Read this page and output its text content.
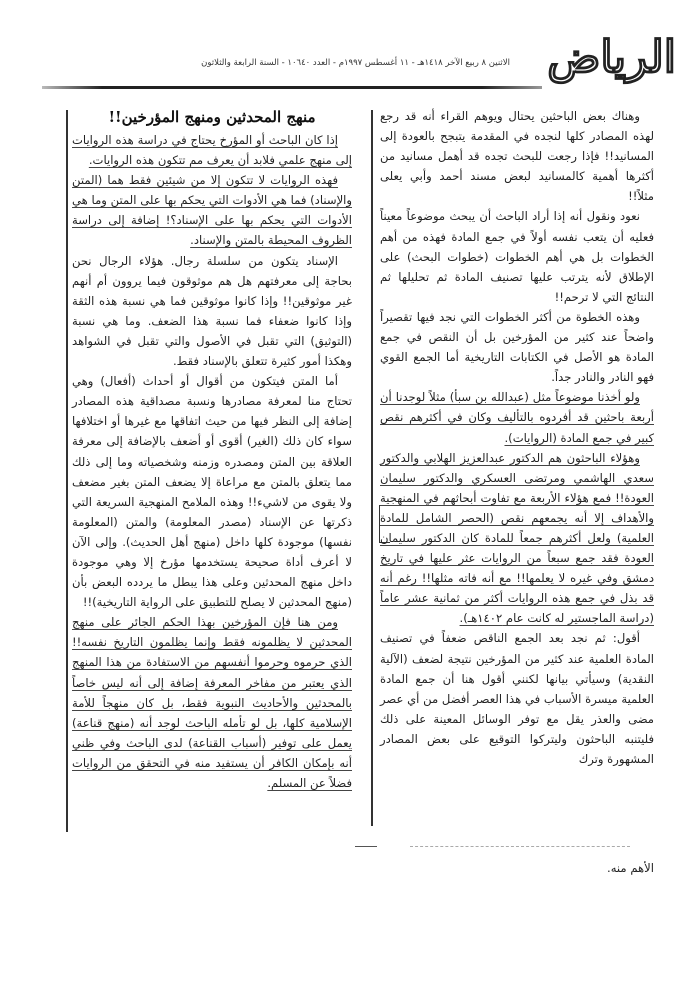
الرياض
الاثنين ٨ ربيع الآخر ١٤١٨هـ - ١١ أغسطس ١٩٩٧م - العدد ١٠٦٤٠ - السنة الرابعة والثلاثون

وهناك بعض الباحثين يحتال ويوهم القراء أنه قد رجع لهذه المصادر كلها لنجده في المقدمة يتبجح بالعودة إلى المسانيد!! فإذا رجعت للبحث تجده قد أهمل مسانيد من أكثرها أهمية كالمسانيد لبعض مسند أحمد وأبي يعلى مثلاً!!

نعود ونقول أنه إذا أراد الباحث أن يبحث موضوعاً معيناً فعليه أن يتعب نفسه أولاً في جمع المادة فهذه من أهم الخطوات بل هي أهم الخطوات (خطوات البحث) على الإطلاق لأنه يترتب عليها تصنيف المادة ثم تحليلها ثم النتائج التي لا ترحم!!

وهذه الخطوة من أكثر الخطوات التي نجد فيها تقصيراً واضحاً عند كثير من المؤرخين بل أن النقص في جمع المادة هو الأصل في الكتابات التاريخية أما الجمع القوي فهو النادر والنادر جداً.

ولو أخذنا موضوعاً مثل (عبدالله بن سبأ) مثلاً لوجدنا أن أربعة باحثين قد أفردوه بالتأليف وكان في أكثرهم نقص كبير في جمع المادة (الروايات).

وهؤلاء الباحثون هم الدكتور عبدالعزيز الهلابي والدكتور سعدي الهاشمي ومرتضى العسكري والدكتور سليمان العودة!! فمع هؤلاء الأربعة مع تفاوت أبحاثهم في المنهجية والأهداف إلا أنه يجمعهم نقص (الحصر الشامل للمادة العلمية) ولعل أكثرهم جمعاً للمادة كان الدكتور سليمان العودة فقد جمع سبعاً من الروايات عثر عليها في تاريخ دمشق وفي غيره لا يعلمها!! مع أنه فاته مثلها!! رغم أنه قد بذل في جمع هذه الروايات أكثر من ثمانية عشر عاماً (دراسة الماجستير له كانت عام ١٤٠٢هـ).

أقول: ثم نجد بعد الجمع الناقص ضعفاً في تصنيف المادة العلمية عند كثير من المؤرخين نتيجة لضعف (الآلية النقدية) وسيأتي بيانها لكنني أقول هنا أن جمع المادة العلمية ميسرة الأسباب في هذا العصر أفضل من أي عصر مضى والعذر يقل مع توفر الوسائل المعينة على ذلك فليتنبه الباحثون وليتركوا التوقيع على بعض المصادر المشهورة وترك

الأهم منه.
منهج المحدثين ومنهج المؤرخين!!

إذا كان الباحث أو المؤرخ يحتاج في دراسة هذه الروايات إلى منهج علمي فلابد أن يعرف مم تتكون هذه الروايات.

فهذه الروايات لا تتكون إلا من شيئين فقط هما (المتن والإسناد) فما هي الأدوات التي يحكم بها على المتن وما هي الأدوات التي يحكم بها على الإسناد؟! إضافة إلى دراسة الظروف المحيطة بالمتن والإسناد.

الإسناد يتكون من سلسلة رجال. هؤلاء الرجال نحن بحاجة إلى معرفتهم هل هم موثوقون فيما يروون أم أنهم غير موثوقين!! وإذا كانوا موثوقين فما هي نسبة هذه الثقة وإذا كانوا ضعفاء فما نسبة هذا الضعف. وما هي نسبة (التوثيق) التي تقبل في الأصول والتي تقبل في الشواهد وهكذا أمور كثيرة تتعلق بالإسناد فقط.

أما المتن فيتكون من أقوال أو أحداث (أفعال) وهي تحتاج منا لمعرفة مصادرها ونسبة مصداقية هذه المصادر إضافة إلى النظر فيها من حيث اتفاقها مع غيرها أو اختلافها سواء كان ذلك (الغير) أقوى أو أضعف بالإضافة إلى معرفة العلاقة بين المتن ومصدره وزمنه وشخصياته وما إلى ذلك مما يتعلق بالمتن مع مراعاة إلا يضعف المتن بغير مضعف ولا يقوى من لاشيء!! وهذه الملامح المنهجية السريعة التي ذكرتها عن الإسناد (مصدر المعلومة) والمتن (المعلومة نفسها) موجودة كلها داخل (منهج أهل الحديث). وإلى الآن لا أعرف أداة صحيحة يستخدمها مؤرخ إلا وهي موجودة داخل منهج المحدثين وعلى هذا يبطل ما يردده البعض بأن (منهج المحدثين لا يصلح للتطبيق على الرواية التاريخية)!!

ومن هنا فإن المؤرخين بهذا الحكم الجائر على منهج المحدثين لا يظلمونه فقط وإنما يظلمون التاريخ نفسه!! الذي حرموه وحرموا أنفسهم من الاستفادة من هذا المنهج الذي يعتبر من مفاخر المعرفة إضافة إلى أنه ليس خاصاً بالمحدثين والأحاديث النبوية فقط، بل كان منهجاً للأمة الإسلامية كلها، بل لو تأمله الباحث لوجد أنه (منهج قناعة) يعمل على توفير (أسباب القناعة) لدى الباحث وفي ظني أنه بإمكان الكافر أن يستفيد منه في التحقق من الروايات فضلاً عن المسلم.
